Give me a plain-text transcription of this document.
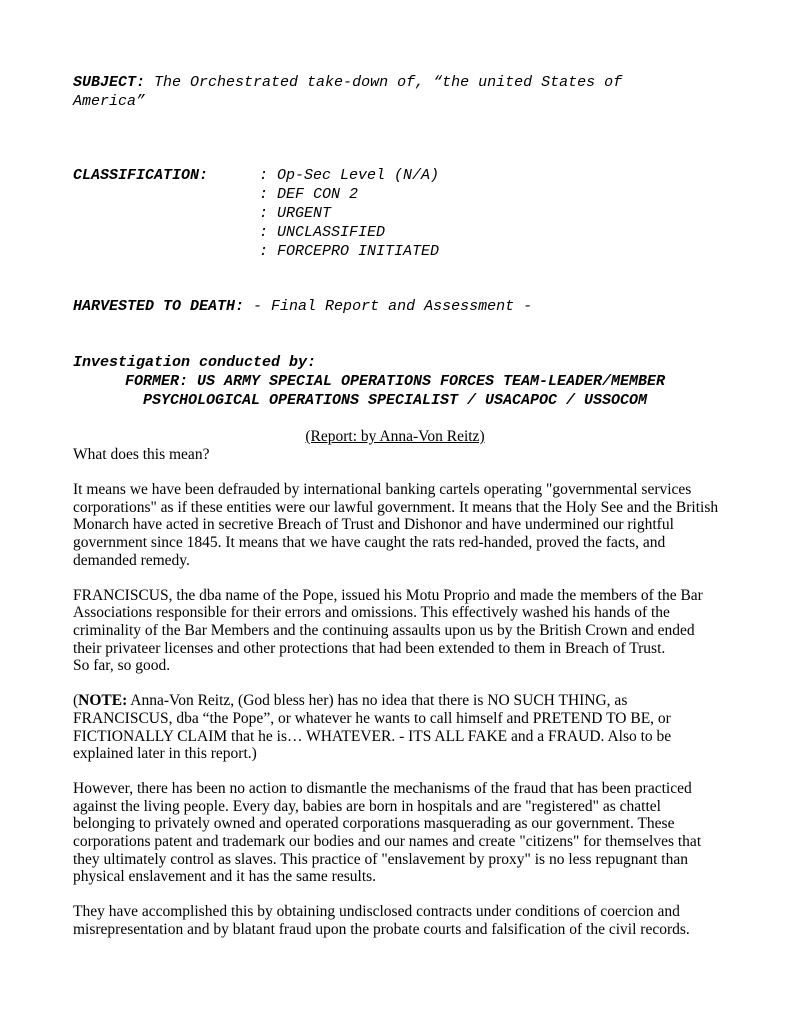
SUBJECT: The Orchestrated take-down of, “the united States of America”
CLASSIFICATION:	: Op-Sec Level (N/A)
: DEF CON 2
: URGENT
: UNCLASSIFIED
: FORCEPRO INITIATED
HARVESTED TO DEATH: - Final Report and Assessment -
Investigation conducted by:
FORMER: US ARMY SPECIAL OPERATIONS FORCES TEAM-LEADER/MEMBER
PSYCHOLOGICAL OPERATIONS SPECIALIST / USACAPOC / USSOCOM
(Report: by Anna-Von Reitz)

What does this mean?

It means we have been defrauded by international banking cartels operating "governmental services corporations" as if these entities were our lawful government. It means that the Holy See and the British Monarch have acted in secretive Breach of Trust and Dishonor and have undermined our rightful government since 1845. It means that we have caught the rats red-handed, proved the facts, and demanded remedy.

FRANCISCUS, the dba name of the Pope, issued his Motu Proprio and made the members of the Bar Associations responsible for their errors and omissions. This effectively washed his hands of the criminality of the Bar Members and the continuing assaults upon us by the British Crown and ended their privateer licenses and other protections that had been extended to them in Breach of Trust.
So far, so good.

(NOTE: Anna-Von Reitz, (God bless her) has no idea that there is NO SUCH THING, as FRANCISCUS, dba “the Pope”, or whatever he wants to call himself and PRETEND TO BE, or FICTIONALLY CLAIM that he is… WHATEVER. - ITS ALL FAKE and a FRAUD. Also to be explained later in this report.)

However, there has been no action to dismantle the mechanisms of the fraud that has been practiced against the living people. Every day, babies are born in hospitals and are "registered" as chattel belonging to privately owned and operated corporations masquerading as our government. These corporations patent and trademark our bodies and our names and create "citizens" for themselves that they ultimately control as slaves. This practice of "enslavement by proxy" is no less repugnant than physical enslavement and it has the same results.

They have accomplished this by obtaining undisclosed contracts under conditions of coercion and misrepresentation and by blatant fraud upon the probate courts and falsification of the civil records.
